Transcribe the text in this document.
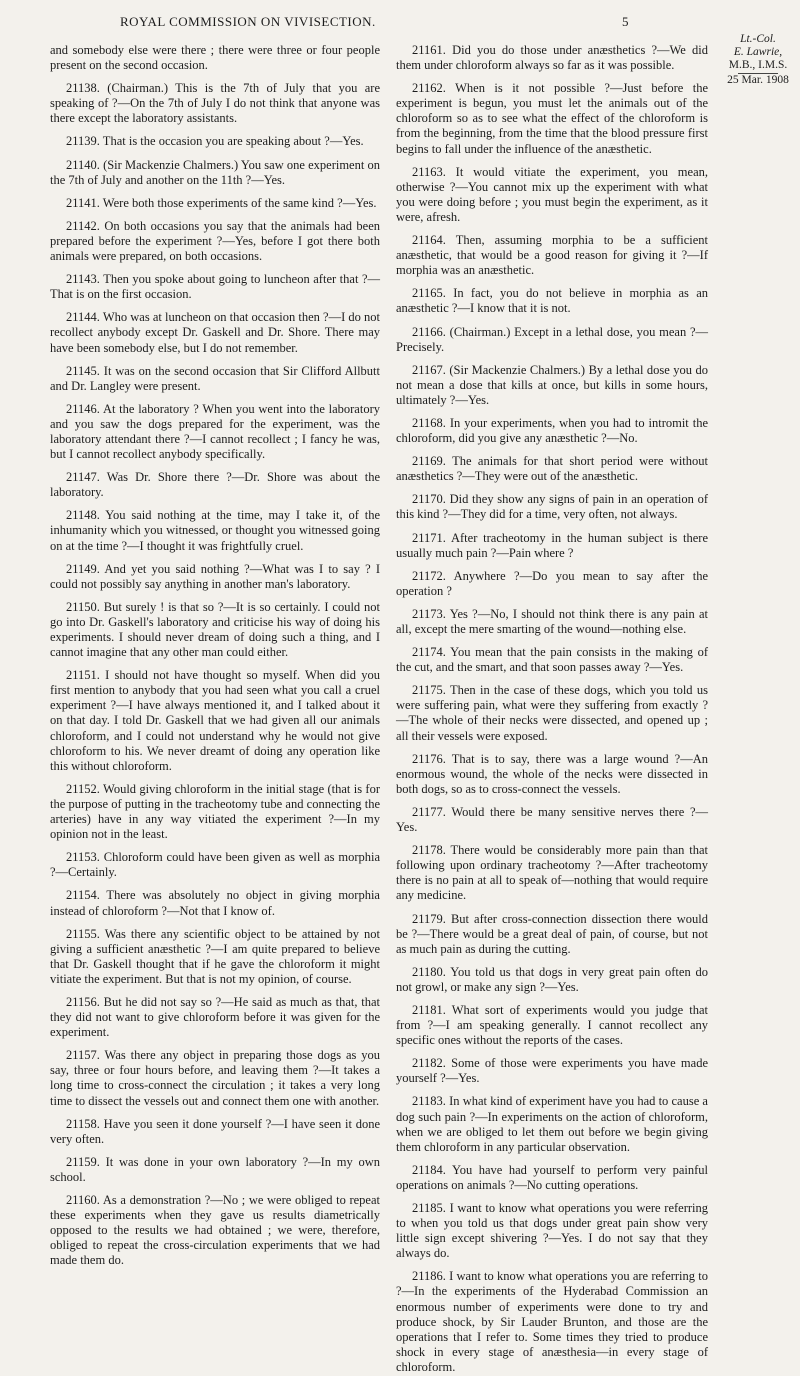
ROYAL COMMISSION ON VIVISECTION.	5
Lt.-Col.
E. Lawrie,
M.B., I.M.S.
25 Mar. 1908

and somebody else were there ; there were three or four people present on the second occasion.

21138. (Chairman.) This is the 7th of July that you are speaking of ?—On the 7th of July I do not think that anyone was there except the laboratory assistants.

21139. That is the occasion you are speaking about ?—Yes.

21140. (Sir Mackenzie Chalmers.) You saw one experiment on the 7th of July and another on the 11th ?—Yes.

21141. Were both those experiments of the same kind ?—Yes.

21142. On both occasions you say that the animals had been prepared before the experiment ?—Yes, before I got there both animals were prepared, on both occasions.

21143. Then you spoke about going to luncheon after that ?—That is on the first occasion.

21144. Who was at luncheon on that occasion then ?—I do not recollect anybody except Dr. Gaskell and Dr. Shore. There may have been somebody else, but I do not remember.

21145. It was on the second occasion that Sir Clifford Allbutt and Dr. Langley were present.

21146. At the laboratory ? When you went into the laboratory and you saw the dogs prepared for the experiment, was the laboratory attendant there ?—I cannot recollect ; I fancy he was, but I cannot recollect anybody specifically.

21147. Was Dr. Shore there ?—Dr. Shore was about the laboratory.

21148. You said nothing at the time, may I take it, of the inhumanity which you witnessed, or thought you witnessed going on at the time ?—I thought it was frightfully cruel.

21149. And yet you said nothing ?—What was I to say ? I could not possibly say anything in another man's laboratory.

21150. But surely ! is that so ?—It is so certainly. I could not go into Dr. Gaskell's laboratory and criticise his way of doing his experiments. I should never dream of doing such a thing, and I cannot imagine that any other man could either.

21151. I should not have thought so myself. When did you first mention to anybody that you had seen what you call a cruel experiment ?—I have always mentioned it, and I talked about it on that day. I told Dr. Gaskell that we had given all our animals chloroform, and I could not understand why he would not give chloroform to his. We never dreamt of doing any operation like this without chloroform.

21152. Would giving chloroform in the initial stage (that is for the purpose of putting in the tracheotomy tube and connecting the arteries) have in any way vitiated the experiment ?—In my opinion not in the least.

21153. Chloroform could have been given as well as morphia ?—Certainly.

21154. There was absolutely no object in giving morphia instead of chloroform ?—Not that I know of.

21155. Was there any scientific object to be attained by not giving a sufficient anæsthetic ?—I am quite prepared to believe that Dr. Gaskell thought that if he gave the chloroform it might vitiate the experiment. But that is not my opinion, of course.

21156. But he did not say so ?—He said as much as that, that they did not want to give chloroform before it was given for the experiment.

21157. Was there any object in preparing those dogs as you say, three or four hours before, and leaving them ?—It takes a long time to cross-connect the circulation ; it takes a very long time to dissect the vessels out and connect them one with another.

21158. Have you seen it done yourself ?—I have seen it done very often.

21159. It was done in your own laboratory ?—In my own school.

21160. As a demonstration ?—No ; we were obliged to repeat these experiments when they gave us results diametrically opposed to the results we had obtained ; we were, therefore, obliged to repeat the cross-circulation experiments that we had made them do.

21161. Did you do those under anæsthetics ?—We did them under chloroform always so far as it was possible.

21162. When is it not possible ?—Just before the experiment is begun, you must let the animals out of the chloroform so as to see what the effect of the chloroform is from the beginning, from the time that the blood pressure first begins to fall under the influence of the anæsthetic.

21163. It would vitiate the experiment, you mean, otherwise ?—You cannot mix up the experiment with what you were doing before ; you must begin the experiment, as it were, afresh.

21164. Then, assuming morphia to be a sufficient anæsthetic, that would be a good reason for giving it ?—If morphia was an anæsthetic.

21165. In fact, you do not believe in morphia as an anæsthetic ?—I know that it is not.

21166. (Chairman.) Except in a lethal dose, you mean ?—Precisely.

21167. (Sir Mackenzie Chalmers.) By a lethal dose you do not mean a dose that kills at once, but kills in some hours, ultimately ?—Yes.

21168. In your experiments, when you had to intromit the chloroform, did you give any anæsthetic ?—No.

21169. The animals for that short period were without anæsthetics ?—They were out of the anæsthetic.

21170. Did they show any signs of pain in an operation of this kind ?—They did for a time, very often, not always.

21171. After tracheotomy in the human subject is there usually much pain ?—Pain where ?

21172. Anywhere ?—Do you mean to say after the operation ?

21173. Yes ?—No, I should not think there is any pain at all, except the mere smarting of the wound—nothing else.

21174. You mean that the pain consists in the making of the cut, and the smart, and that soon passes away ?—Yes.

21175. Then in the case of these dogs, which you told us were suffering pain, what were they suffering from exactly ?—The whole of their necks were dissected, and opened up ; all their vessels were exposed.

21176. That is to say, there was a large wound ?—An enormous wound, the whole of the necks were dissected in both dogs, so as to cross-connect the vessels.

21177. Would there be many sensitive nerves there ?—Yes.

21178. There would be considerably more pain than that following upon ordinary tracheotomy ?—After tracheotomy there is no pain at all to speak of—nothing that would require any medicine.

21179. But after cross-connection dissection there would be ?—There would be a great deal of pain, of course, but not as much pain as during the cutting.

21180. You told us that dogs in very great pain often do not growl, or make any sign ?—Yes.

21181. What sort of experiments would you judge that from ?—I am speaking generally. I cannot recollect any specific ones without the reports of the cases.

21182. Some of those were experiments you have made yourself ?—Yes.

21183. In what kind of experiment have you had to cause a dog such pain ?—In experiments on the action of chloroform, when we are obliged to let them out before we begin giving them chloroform in any particular observation.

21184. You have had yourself to perform very painful operations on animals ?—No cutting operations.

21185. I want to know what operations you were referring to when you told us that dogs under great pain show very little sign except shivering ?—Yes. I do not say that they always do.

21186. I want to know what operations you are referring to ?—In the experiments of the Hyderabad Commission an enormous number of experiments were done to try and produce shock, by Sir Lauder Brunton, and those are the operations that I refer to. Some times they tried to produce shock in every stage of anæsthesia—in every stage of chloroform.
